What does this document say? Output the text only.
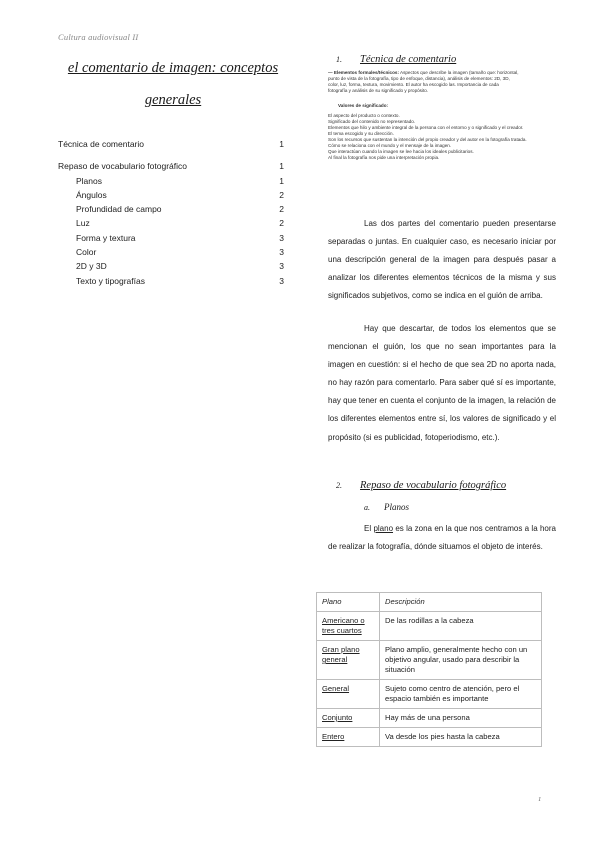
Cultura audiovisual II
el comentario de imagen: conceptos generales
Técnica de comentario	1
Repaso de vocabulario fotográfico	1
Planos	1
Ángulos	2
Profundidad de campo	2
Luz	2
Forma y textura	3
Color	3
2D y 3D	3
Texto y tipografías	3
1. Técnica de comentario
— Elementos formales/técnicos: Aspectos que describe la imagen (tamaño que: horizontal,
punto de vista de la fotografía, tipo de enfoque, distancia), análisis de elementos: 2D, 3D,
color, luz, forma, textura, movimiento. El autor ha escogido las. Importancia de cada
fotografía y análisis de su significado y propósito.
Valores de significado:
El aspecto del producto o contexto.
Significado del contenido no representado.
Elementos que hilo y ambiente integral de la persona con el entorno y o significado y el creador.
El tema escogido y su dirección.
Son los recursos que sustentan la intención del propio creador y del autor en la fotografía tratada.
Cómo se relaciona con el mundo y el mensaje de la imagen.
Que interactúan cuando la imagen se lee hacia los ideales publicitarios.
Al final la fotografía nos pide una interpretación propia.
Las dos partes del comentario pueden presentarse separadas o juntas. En cualquier caso, es necesario iniciar por una descripción general de la imagen para después pasar a analizar los diferentes elementos técnicos de la misma y sus significados subjetivos, como se indica en el guión de arriba.
Hay que descartar, de todos los elementos que se mencionan el guión, los que no sean importantes para la imagen en cuestión: si el hecho de que sea 2D no aporta nada, no hay razón para comentarlo. Para saber qué sí es importante, hay que tener en cuenta el conjunto de la imagen, la relación de los diferentes elementos entre sí, los valores de significado y el propósito (si es publicidad, fotoperiodismo, etc.).
2. Repaso de vocabulario fotográfico
a. Planos
El plano es la zona en la que nos centramos a la hora de realizar la fotografía, dónde situamos el objeto de interés.
Plano	Descripción
Americano o tres cuartos	De las rodillas a la cabeza
Gran plano general	Plano amplio, generalmente hecho con un objetivo angular, usado para describir la situación
General	Sujeto como centro de atención, pero el espacio también es importante
Conjunto	Hay más de una persona
Entero	Va desde los pies hasta la cabeza
1
